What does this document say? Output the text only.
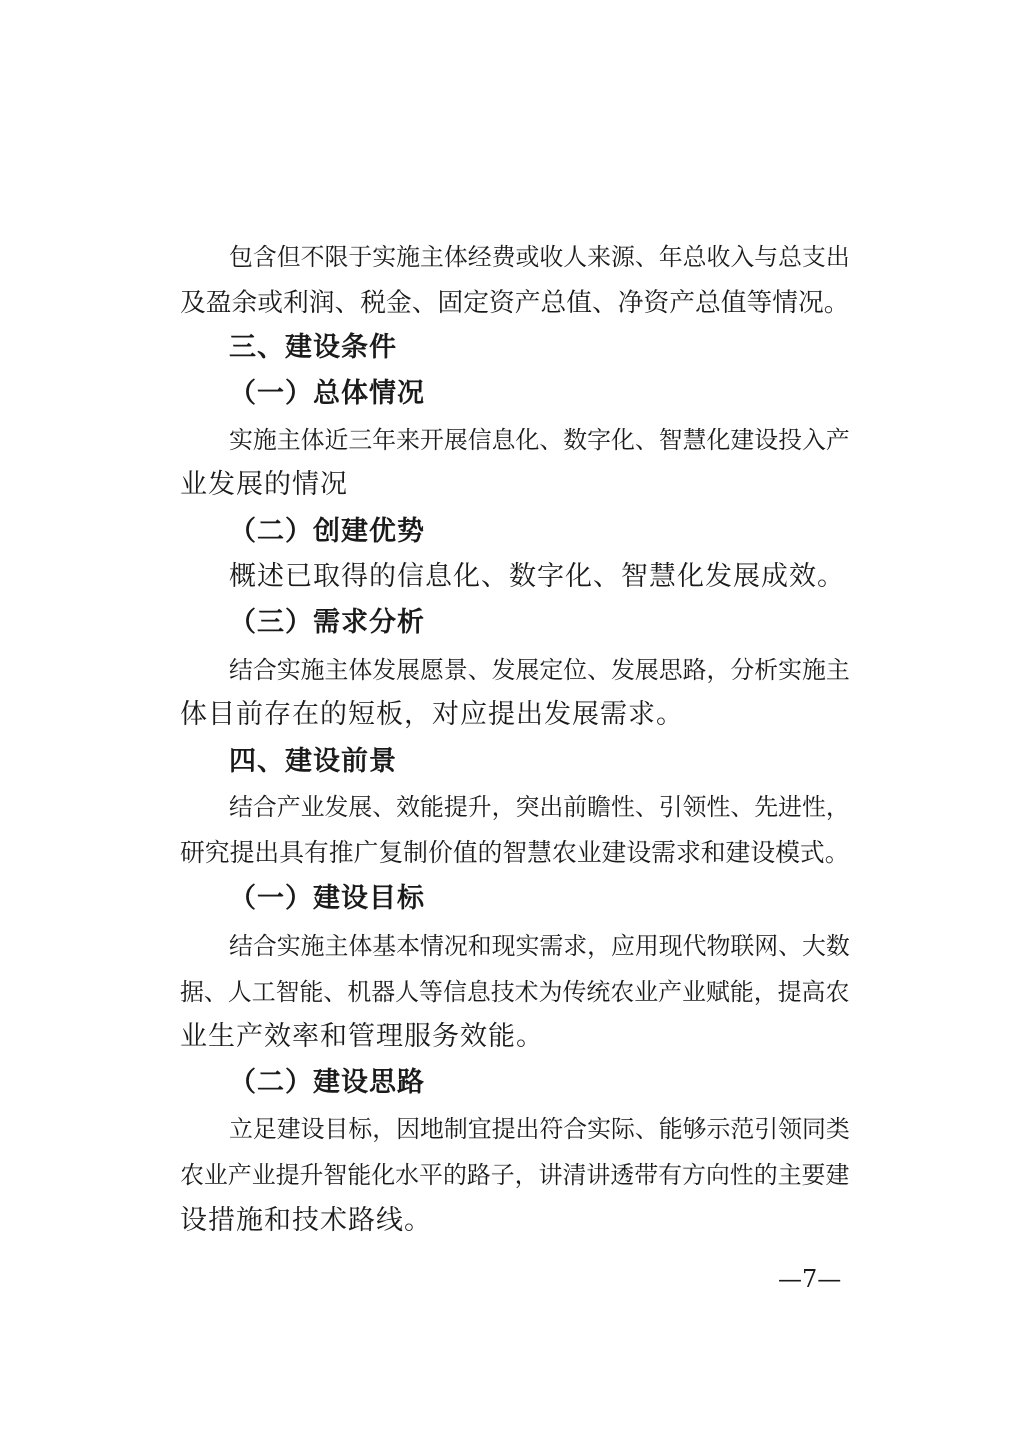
包含但不限于实施主体经费或收人来源、年总收入与总支出
及盈余或利润、税金、固定资产总值、净资产总值等情况。
三、建设条件
（一）总体情况
实施主体近三年来开展信息化、数字化、智慧化建设投入产
业发展的情况
（二）创建优势
概述已取得的信息化、数字化、智慧化发展成效。
（三）需求分析
结合实施主体发展愿景、发展定位、发展思路，分析实施主
体目前存在的短板，对应提出发展需求。
四、建设前景
结合产业发展、效能提升，突出前瞻性、引领性、先进性，
研究提出具有推广复制价值的智慧农业建设需求和建设模式。
（一）建设目标
结合实施主体基本情况和现实需求，应用现代物联网、大数
据、人工智能、机器人等信息技术为传统农业产业赋能，提高农
业生产效率和管理服务效能。
（二）建设思路
立足建设目标，因地制宜提出符合实际、能够示范引领同类
农业产业提升智能化水平的路子，讲清讲透带有方向性的主要建
设措施和技术路线。
—7—
